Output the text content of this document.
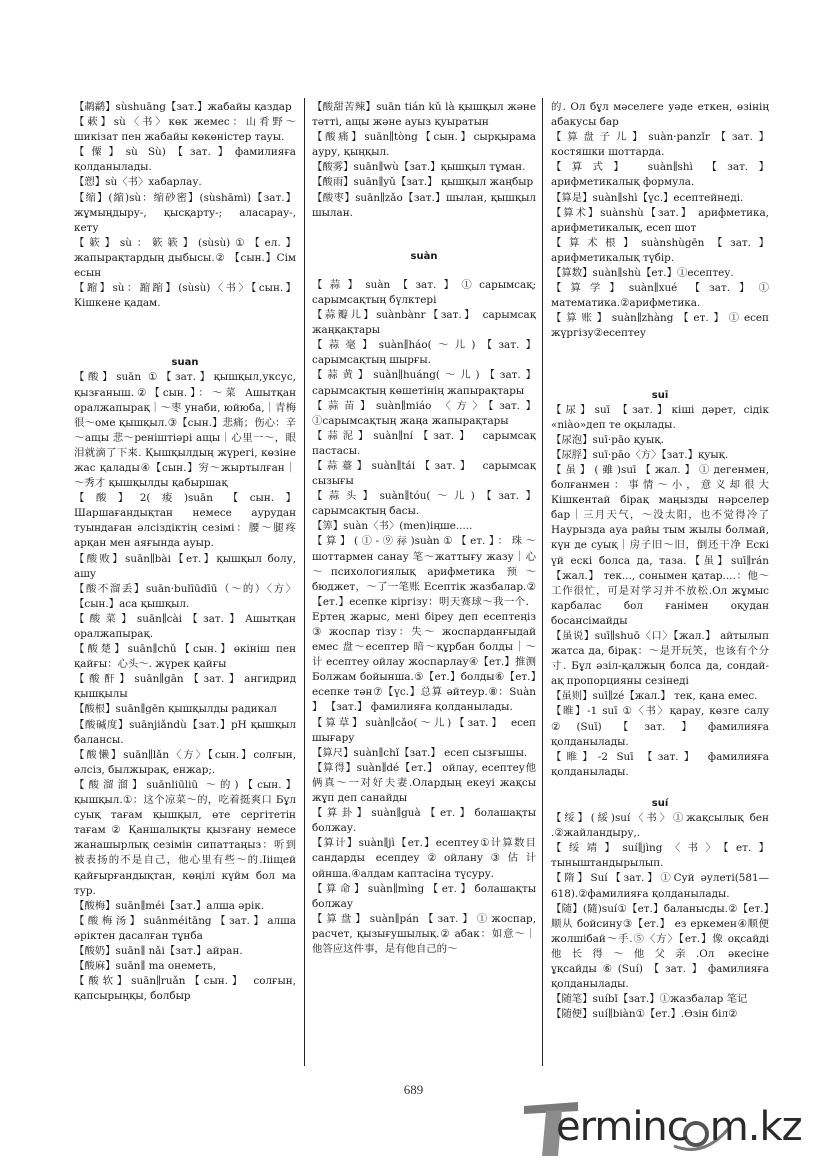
【鹔鹴】sùshuāng【зат.】жабайы қаздар

【蔌】sù〈书〉көк жемес：山肴野～шикізат пен жабайы көкөністер тауы.

【僳】sù Sù)【зат.】фамилияға қолданылады.

【愬】sù〈书〉хабарлау.

【缩】(縮)sù：缩砂密】(sùshāmì)【зат.】жұмыңдыру-, қысқарту-; аласарау-, кету

【簌】sù：簌簌】(sùsù)①【ел.】жапырақтардың дыбысы.② 【сын.】Сім есын

【蹜】sù：蹜蹜】(sùsù)〈书〉【сын.】Кішкене қадам.

suan

【酸】suān ①【зат.】қышқыл,уксус, қызғаныш.②【сын.】：～菜 Ашытқан оралжапырақ｜～枣 унаби, юйюба,｜青梅很～оме қышқыл.③【сын.】悲痛；伤心：辛～ащы 悲～реніштіәрі ащы｜心里一～，眼泪就滴了下来. Қышқылдың жүрегі, көзіне жас қалады④【сын.】穷～жыртылған｜～秀才 қышқылды қабыршақ

【酸】2(痠)suān 【сын.】 Шаршағандықтан немесе аурудан туындаған әлсіздіктің сезімі：腰～腿疼 арқан мен аяғында ауыр.

【酸败】suān∥bài【ет.】қышқыл болу, ашу

【酸不溜丢】suān·bulīūdīū（～的）〈方〉【сын.】аса қышқыл.

【酸菜】suān∥cài【зат.】Ашытқан оралжапырақ.

【酸楚】suān∥chǔ【сын.】өкініш пен қайғы：心头～. жүрек қайғы

【酸酐】suān∥gān【зат.】ангидрид қышқылы

【酸根】suān∥gēn қышқылды радикал

【酸碱度】suānjiǎndù【зат.】pH қышқыл балансы.

【酸懒】suān∥lǎn〈方〉【сын.】солғын, әлсіз, былжырақ, енжар;.

【酸溜溜】suānliūliū ～的)【сын.】қышқыл.①：这个凉菜～的，吃着挺爽口 Бұл суық тағам қышқыл, өте сергітетін тағам ② Қаншалықты қызғану немесе жанашырлық сезімін сипаттаңыз：听到被表扬的不是自己，他心里有些～的.Іііщей қайғырғандықтан, көңілі күйм бол ма тур.

【酸梅】suān∥méi【зат.】алша әрік.

【酸梅汤】suānméitāng【зат.】алша әріктен дасалған тұнба

【酸奶】suān∥ nǎi【зат.】айран.

【酸麻】suān∥ ma онеметь,

【酸软】suān∥ruǎn【сын.】 солғын, қапсырыңқы, болбыр

【酸甜苦辣】suān tián kǔ là қышқыл және тәтті, ащы және ауыз қуыратын

【酸痛】suān∥tòng【сын.】сырқырама ауру, қыңқыл.

【酸雾】suān∥wù【зат.】қышқыл тұман.

【酸雨】suān∥yǔ【зат.】 қышқыл жаңбыр

【酸枣】suān∥zǎo【зат.】шылан, қышқыл шылан.

suàn

【蒜】suàn【зат.】①сарымсақ; сарымсақтың бүлктері

【蒜瓣儿】suànbànr【зат.】 сарымсақ жаңқақтары

【蒜毫】suàn∥háo(～儿)【зат.】сарымсақтың шырғы.

【蒜黄】suàn∥huáng(～儿)【зат.】сарымсақтың көшетінің жапырақтары

【蒜苗】suàn∥miáo 〈方〉【зат.】①сарымсақтың жаңа жапырақтары

【蒜泥】suàn∥ní【зат.】 сарымсақ пастасы.

【蒜薹】suàn∥tái【зат.】 сарымсақ сызығы

【蒜头】suàn∥tóu(～儿)【зат.】сарымсақтың басы.

【筭】suàn〈书〉(men)іңше.....

【算】(①-⑨祘)suàn①【ет.】：珠～ шоттармен санау 笔～жаттығу жазу｜心～психологиялық арифметика 预～бюджет，～了一笔账 Есептік жазбалар.②【ет.】есепке кіргізу：明天赛球～我一个．Ертең жарыс, мені біреу деп есептеңіз ③ жоспар тізу：失～ жоспарданғыдай емес 盘～есептер 暗～құрбан болды｜～计 есептеу ойлау жоспарлау④【ет.】推测 Болжам бойынша.⑤【ет.】болды⑥【ет.】есепке тән⑦【үс.】总算 әйтеур.⑧：Suàn 】 【зат.】 фамилияға қолданылады.

【算草】suàn∥cǎo(～儿)【зат.】 есеп шығару

【算尺】suàn∥chǐ【зат.】 есеп сызғышы.

【算得】suàn∥dé【ет.】 ойлау, есептеу他俩真～一对好夫妻.Олардың екеуі жақсы жұп деп санайды

【算卦】suàn∥guà【ет.】болашақты болжау.

【算计】suàn∥jì【ет.】есептеу①计算数目 сандарды есепдеу②ойлану③估计 ойнша.④алдам каптасіна түсуру.

【算命】suàn∥mìng【ет.】болашақты болжау

【算盘】suàn∥pán【зат.】①жоспар, расчет, қызығушылық.② абак：如意～｜他答应这件事，是有他自己的～

的. Ол бұл мәселеге уәде еткен, өзінің абакусы бар

【算盘子儿】suàn·panzǐr【зат.】костяшки шоттарда.

【算式】 suàn∥shì 【зат.】 арифметикалық формула.

【算是】suàn∥shì【үс.】есептейнеді.

【算术】suànshù【зат.】 арифметика, арифметикалық, есеп шот

【算术根】suànshùgēn【зат.】 арифметикалық түбір.

【算数】suàn∥shù【ет.】①есептеу.

【算学】suàn∥xué 【зат.】① математика.②арифметика.

【算账】suàn∥zhàng【ет.】①есеп жүргізу②есептеу

suī

【尿】suī 【зат.】кіші дәрет, сідік «niào»деп те оқылады.

【尿泡】suī·pāo қуық.

【尿脬】suī·pāo〈方〉【зат.】қуық.

【虽】(雖)suī【жал.】①дегенмен, болғанмен：事情～小，意义却很大 Кішкентай бірақ маңызды нәрселер бар｜三月天气，～没太阳，也不觉得冷了 Наурызда ауа райы тым жылы болмай, күн де суық｜房子旧～旧，倒还干净 Ескі үй ескі болса да, таза.【虽】suī∥rán【жал.】 тек..., сонымен қатар....：他～工作很忙，可是对学习并不放松.Ол жұмыс карбалас бол ғанімен оқудан босансімайды

【虽说】suī∥shuō〈口〉【жал.】 айтылып жатса да, бірақ：～是开玩笑，也该有个分寸. Бұл әзіл-қалжың болса да, сондай-ақ пропорцияны сезінеді

【虽则】suī∥zé【жал.】 тек, қана емес.

【睢】-1 suī ①〈书〉қарау, көзге салу ②(Suī)【зат.】фамилияға қолданылады.

【睢】-2 Suī 【зат.】 фамилияға қолданылады.

suí

【绥】(綏)suí〈书〉①жақсылық бен .②жайландыру,.

【绥靖】suí∥jìng〈书〉【ет.】тыныштандырылып.

【隋】Suí【зат.】①Суй әулеті(581—618).②фамилияға қолданылады.

【随】(隨)suí①【ет.】баланысды.②【ет.】顺从 бойсину③【ет.】 ез еркемен④顺便 жолшібай～手.⑤〈方〉【ет.】像 оқсайді 他长得～他父亲.Ол әкесіне ұқсайды⑥(Suí)【зат.】фамилияға қолданылады.

【随笔】suíbǐ【зат.】①жазбалар 笔记

【随便】suí∥biàn①【ет.】.Өзін біл②

689
erminc m.kz
